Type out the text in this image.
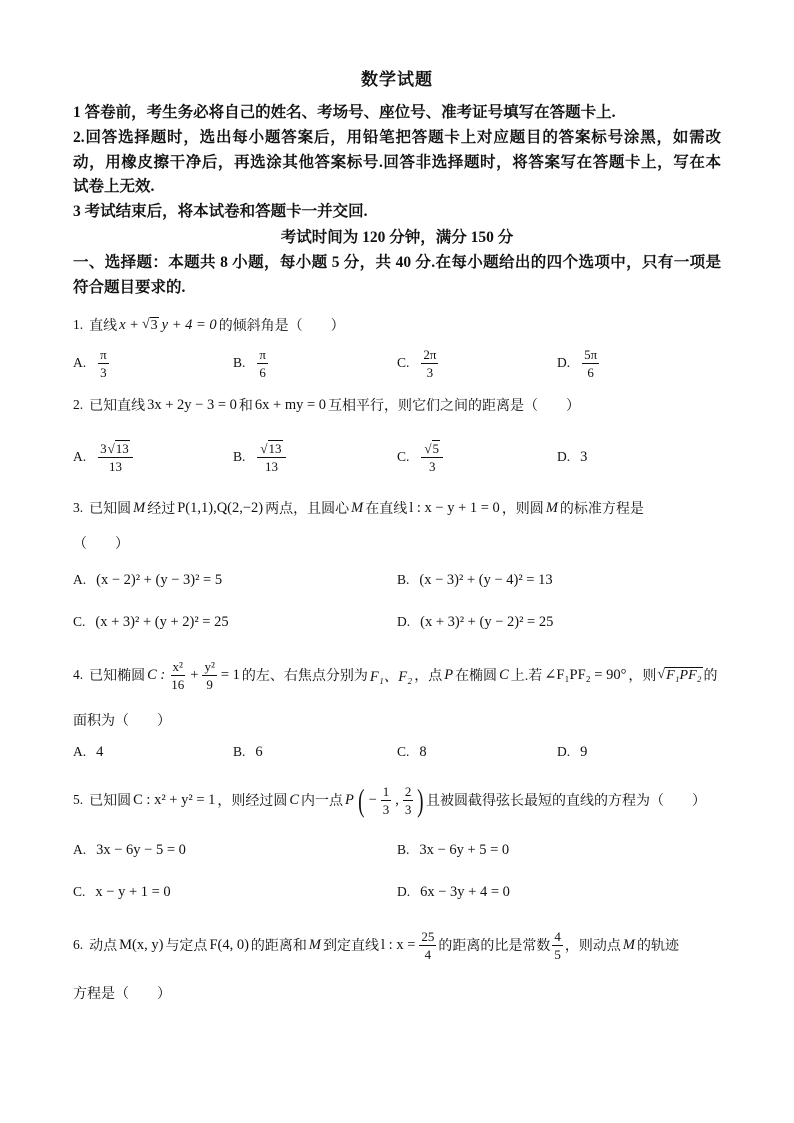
数学试题
1 答卷前，考生务必将自己的姓名、考场号、座位号、准考证号填写在答题卡上.
2.回答选择题时，选出每小题答案后，用铅笔把答题卡上对应题目的答案标号涂黑，如需改
动，用橡皮擦干净后，再选涂其他答案标号.回答非选择题时，将答案写在答题卡上，写在本
试卷上无效.
3 考试结束后，将本试卷和答题卡一并交回.
考试时间为 120 分钟，满分 150 分
一、选择题：本题共 8 小题，每小题 5 分，共 40 分.在每小题给出的四个选项中，只有一项是
符合题目要求的.
1. 直线 x +
√ 3 y + 4 = 0 的倾斜角是（　　）
A. $\frac{\pi}{3}$	B. $\frac{\pi}{6}$	C. $\frac{2\pi}{3}$	D. $\frac{5\pi}{6}$
2. 已知直线 3x + 2y − 3 = 0 和 6x + my = 0 互相平行，则它们之间的距离是（　　）
A. 3
√ 13
13	B.
√ $\frac{13}{13}$	C.
√ $\frac{5}{3}$	D. 3
3. 已知圆 M 经过 P(1,1),Q(2,−2) 两点，且圆心 M 在直线 l : x − y + 1 = 0 ，则圆 M 的标准方程是
（　　）
A. (x − 2)² + (y − 3)² = 5	B. (x − 3)² + (y − 4)² = 13
C. (x + 3)² + (y + 2)² = 25	D. (x + 3)² + (y − 2)² = 25
4. 已知椭圆 C : $\frac{\text{x²}}{16} + \frac{\text{y²}}{9} = 1$ 的左、右焦点分别为 F₁、F₂ ，点 P 在椭圆 C 上.若 ∠F₁PF₂ = 90° ，则
√ F₁PF₂ 的
面积为（　　）
A. 4	B. 6	C. 8	D. 9
5. 已知圆 C : x² + y² = 1 ，则经过圆 C 内一点 P ( − $\frac{1}{3}$ , $\frac{2}{3}$ ) 且被圆截得弦长最短的直线的方程为（　　）
A. 3x − 6y − 5 = 0	B. 3x − 6y + 5 = 0
C. x − y + 1 = 0	D. 6x − 3y + 4 = 0
6. 动点 M(x, y) 与定点 F(4, 0) 的距离和 M 到定直线 l : $x = \frac{25}{4}$ 的距离的比是常数 $\frac{4}{5}$ ，则动点 M 的轨迹
方程是（　　）
